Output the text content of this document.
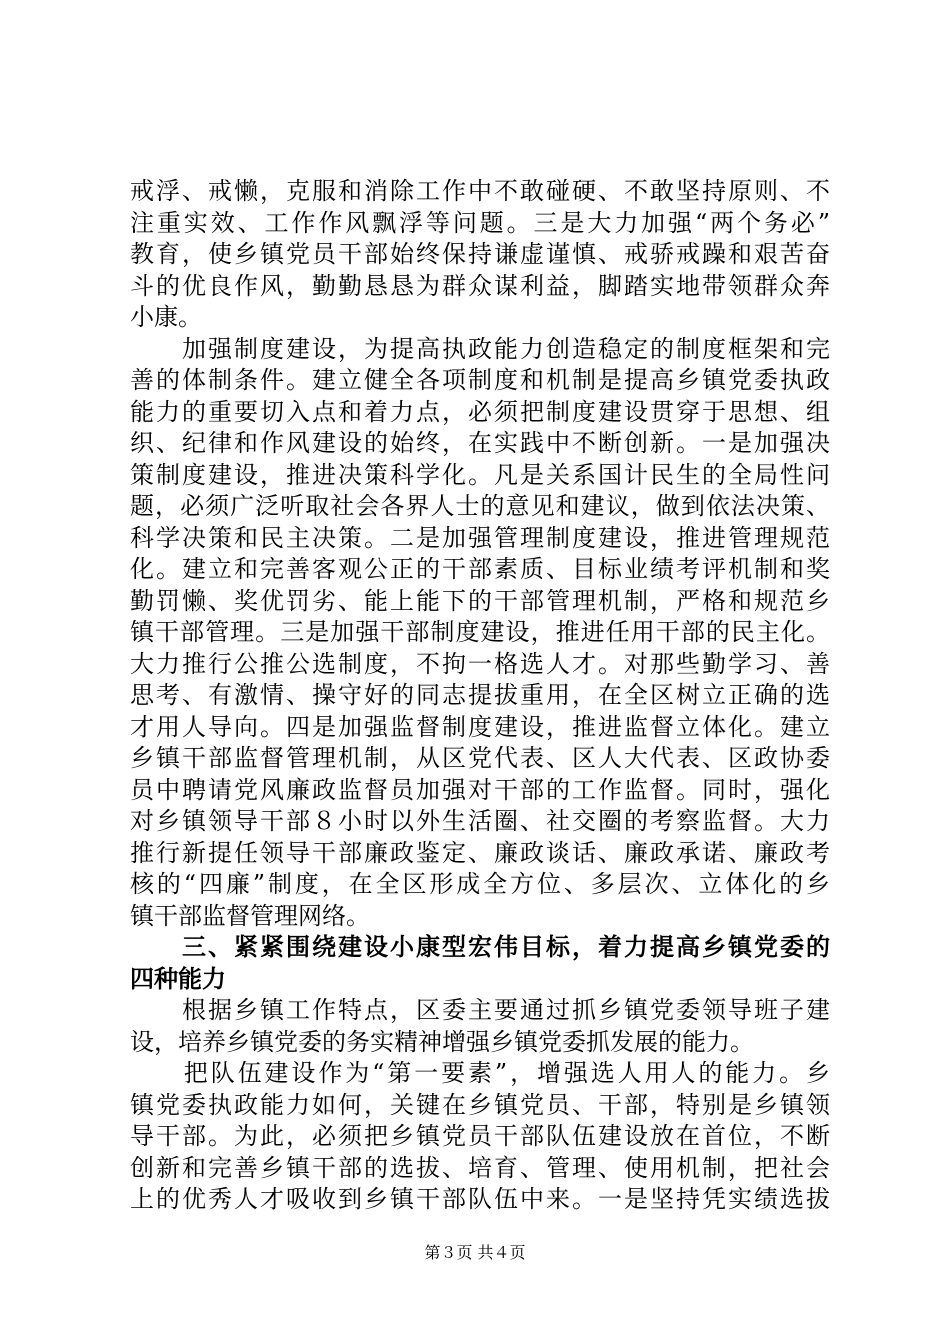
戒浮、戒懒，克服和消除工作中不敢碰硬、不敢坚持原则、不
注重实效、工作作风飘浮等问题。三是大力加强“两个务必”
教育，使乡镇党员干部始终保持谦虚谨慎、戒骄戒躁和艰苦奋
斗的优良作风，勤勤恳恳为群众谋利益，脚踏实地带领群众奔
小康。
　　加强制度建设，为提高执政能力创造稳定的制度框架和完
善的体制条件。建立健全各项制度和机制是提高乡镇党委执政
能力的重要切入点和着力点，必须把制度建设贯穿于思想、组
织、纪律和作风建设的始终，在实践中不断创新。一是加强决
策制度建设，推进决策科学化。凡是关系国计民生的全局性问
题，必须广泛听取社会各界人士的意见和建议，做到依法决策、
科学决策和民主决策。二是加强管理制度建设，推进管理规范
化。建立和完善客观公正的干部素质、目标业绩考评机制和奖
勤罚懒、奖优罚劣、能上能下的干部管理机制，严格和规范乡
镇干部管理。三是加强干部制度建设，推进任用干部的民主化。
大力推行公推公选制度，不拘一格选人才。对那些勤学习、善
思考、有激情、操守好的同志提拔重用，在全区树立正确的选
才用人导向。四是加强监督制度建设，推进监督立体化。建立
乡镇干部监督管理机制，从区党代表、区人大代表、区政协委
员中聘请党风廉政监督员加强对干部的工作监督。同时，强化
对乡镇领导干部８小时以外生活圈、社交圈的考察监督。大力
推行新提任领导干部廉政鉴定、廉政谈话、廉政承诺、廉政考
核的“四廉”制度，在全区形成全方位、多层次、立体化的乡
镇干部监督管理网络。
　　三、紧紧围绕建设小康型宏伟目标，着力提高乡镇党委的
四种能力
　　根据乡镇工作特点，区委主要通过抓乡镇党委领导班子建
设，培养乡镇党委的务实精神增强乡镇党委抓发展的能力。
　　把队伍建设作为“第一要素”，增强选人用人的能力。乡
镇党委执政能力如何，关键在乡镇党员、干部，特别是乡镇领
导干部。为此，必须把乡镇党员干部队伍建设放在首位，不断
创新和完善乡镇干部的选拔、培育、管理、使用机制，把社会
上的优秀人才吸收到乡镇干部队伍中来。一是坚持凭实绩选拔
第３页 共４页
